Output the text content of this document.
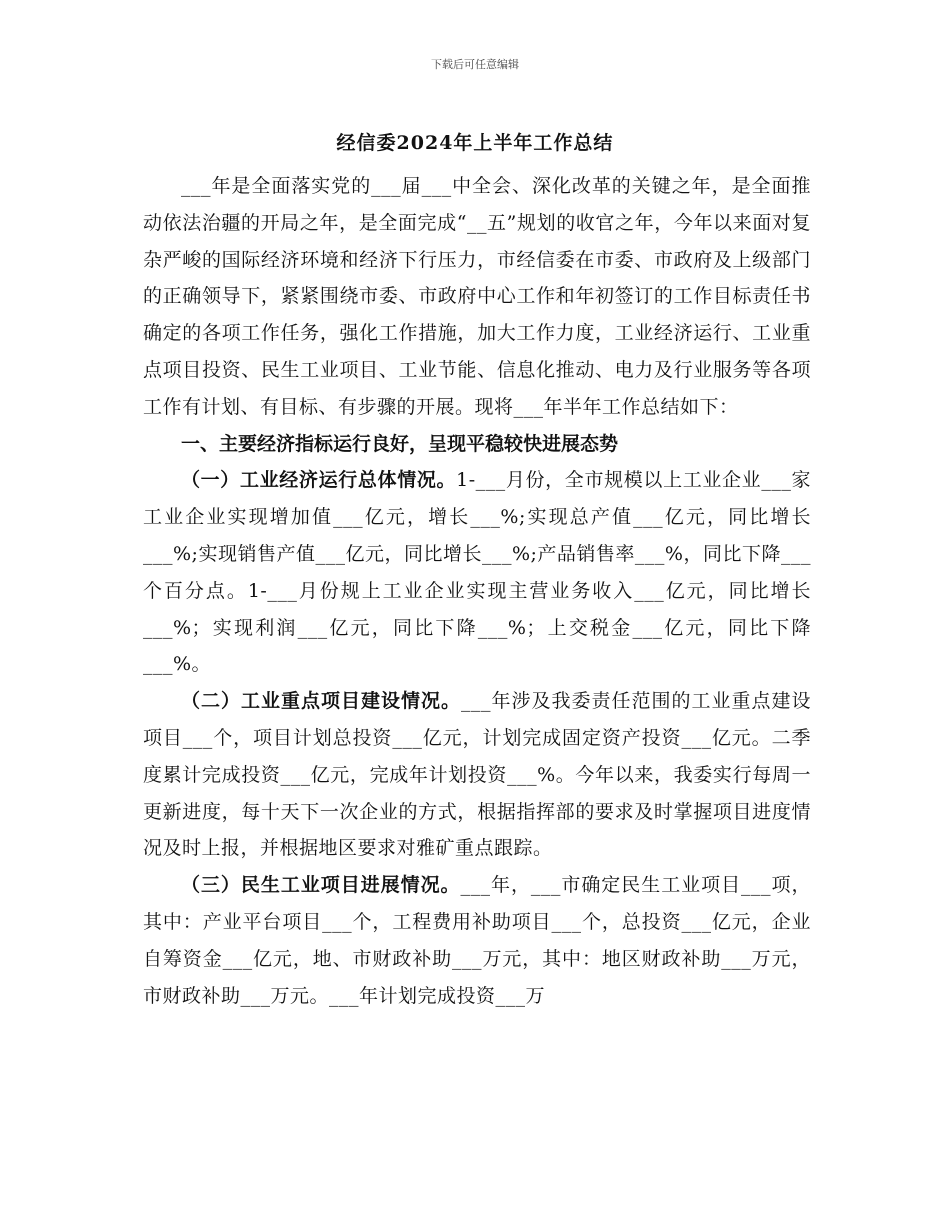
下载后可任意编辑
经信委2024年上半年工作总结

___年是全面落实党的___届___中全会、深化改革的关键之年，是全面推动依法治疆的开局之年，是全面完成“__五”规划的收官之年，今年以来面对复杂严峻的国际经济环境和经济下行压力，市经信委在市委、市政府及上级部门的正确领导下，紧紧围绕市委、市政府中心工作和年初签订的工作目标责任书确定的各项工作任务，强化工作措施，加大工作力度，工业经济运行、工业重点项目投资、民生工业项目、工业节能、信息化推动、电力及行业服务等各项工作有计划、有目标、有步骤的开展。现将___年半年工作总结如下：

一、主要经济指标运行良好，呈现平稳较快进展态势

（一）工业经济运行总体情况。1-___月份，全市规模以上工业企业___家工业企业实现增加值___亿元，增长___%;实现总产值___亿元，同比增长___%;实现销售产值___亿元，同比增长___%;产品销售率___%，同比下降___个百分点。1-___月份规上工业企业实现主营业务收入___亿元，同比增长___%；实现利润___亿元，同比下降___%；上交税金___亿元，同比下降___%。

（二）工业重点项目建设情况。___年涉及我委责任范围的工业重点建设项目___个，项目计划总投资___亿元，计划完成固定资产投资___亿元。二季度累计完成投资___亿元，完成年计划投资___%。今年以来，我委实行每周一更新进度，每十天下一次企业的方式，根据指挥部的要求及时掌握项目进度情况及时上报，并根据地区要求对雅矿重点跟踪。

（三）民生工业项目进展情况。___年，___市确定民生工业项目___项，其中：产业平台项目___个，工程费用补助项目___个，总投资___亿元，企业自筹资金___亿元，地、市财政补助___万元，其中：地区财政补助___万元，市财政补助___万元。___年计划完成投资___万
